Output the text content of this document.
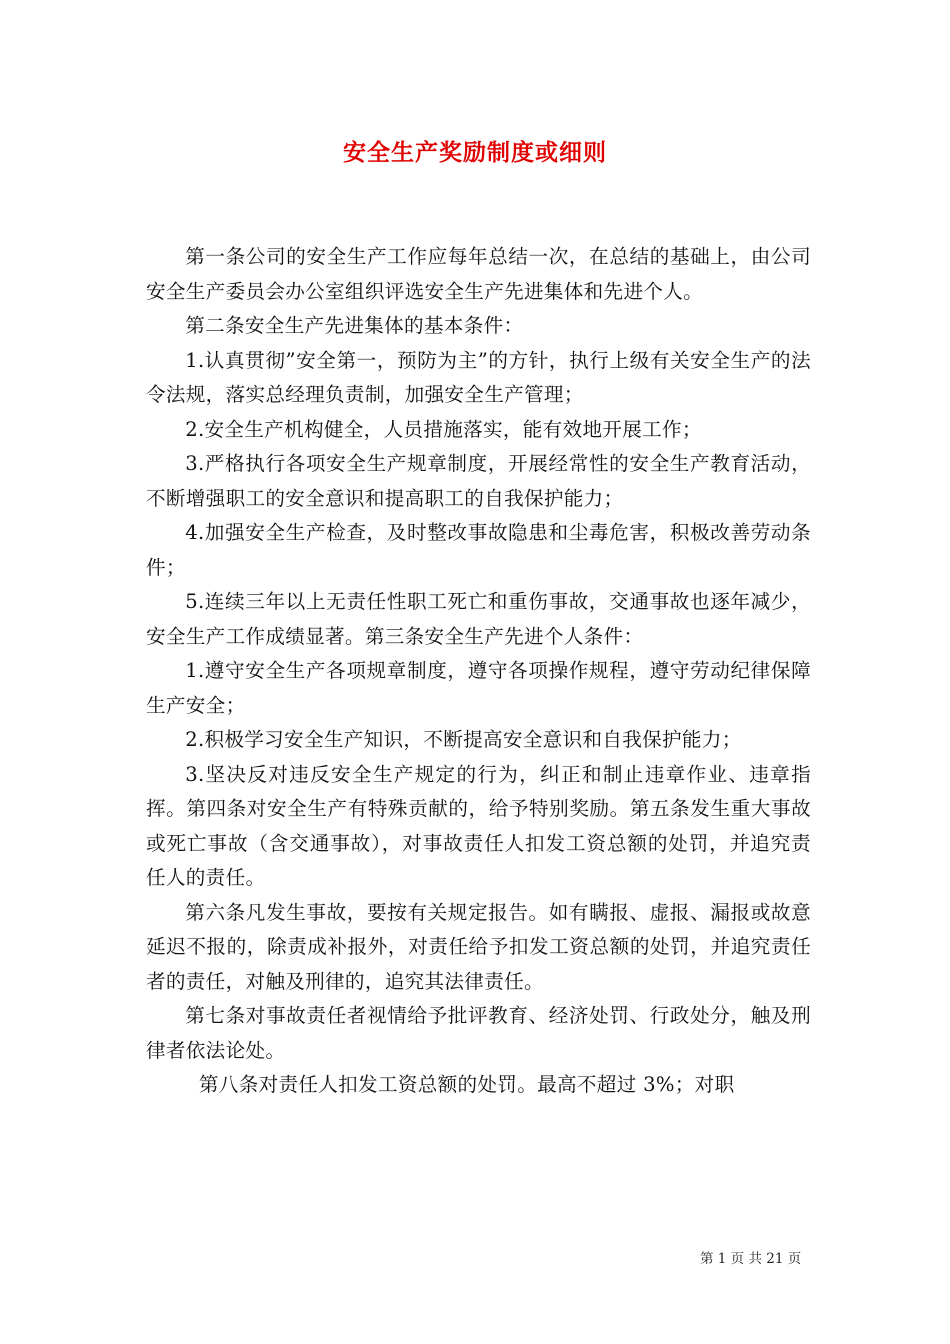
安全生产奖励制度或细则

第一条公司的安全生产工作应每年总结一次，在总结的基础上，由公司安全生产委员会办公室组织评选安全生产先进集体和先进个人。

第二条安全生产先进集体的基本条件：

1.认真贯彻”安全第一，预防为主”的方针，执行上级有关安全生产的法令法规，落实总经理负责制，加强安全生产管理；

2.安全生产机构健全，人员措施落实，能有效地开展工作；

3.严格执行各项安全生产规章制度，开展经常性的安全生产教育活动，不断增强职工的安全意识和提高职工的自我保护能力；

4.加强安全生产检查，及时整改事故隐患和尘毒危害，积极改善劳动条件；

5.连续三年以上无责任性职工死亡和重伤事故，交通事故也逐年减少，安全生产工作成绩显著。第三条安全生产先进个人条件：

1.遵守安全生产各项规章制度，遵守各项操作规程，遵守劳动纪律保障生产安全；

2.积极学习安全生产知识，不断提高安全意识和自我保护能力；

3.坚决反对违反安全生产规定的行为，纠正和制止违章作业、违章指挥。第四条对安全生产有特殊贡献的，给予特别奖励。第五条发生重大事故或死亡事故（含交通事故），对事故责任人扣发工资总额的处罚，并追究责任人的责任。

第六条凡发生事故，要按有关规定报告。如有瞒报、虚报、漏报或故意延迟不报的，除责成补报外，对责任给予扣发工资总额的处罚，并追究责任者的责任，对触及刑律的，追究其法律责任。

第七条对事故责任者视情给予批评教育、经济处罚、行政处分，触及刑律者依法论处。

第八条对责任人扣发工资总额的处罚。最高不超过 3%；对职

第 1 页 共 21 页
